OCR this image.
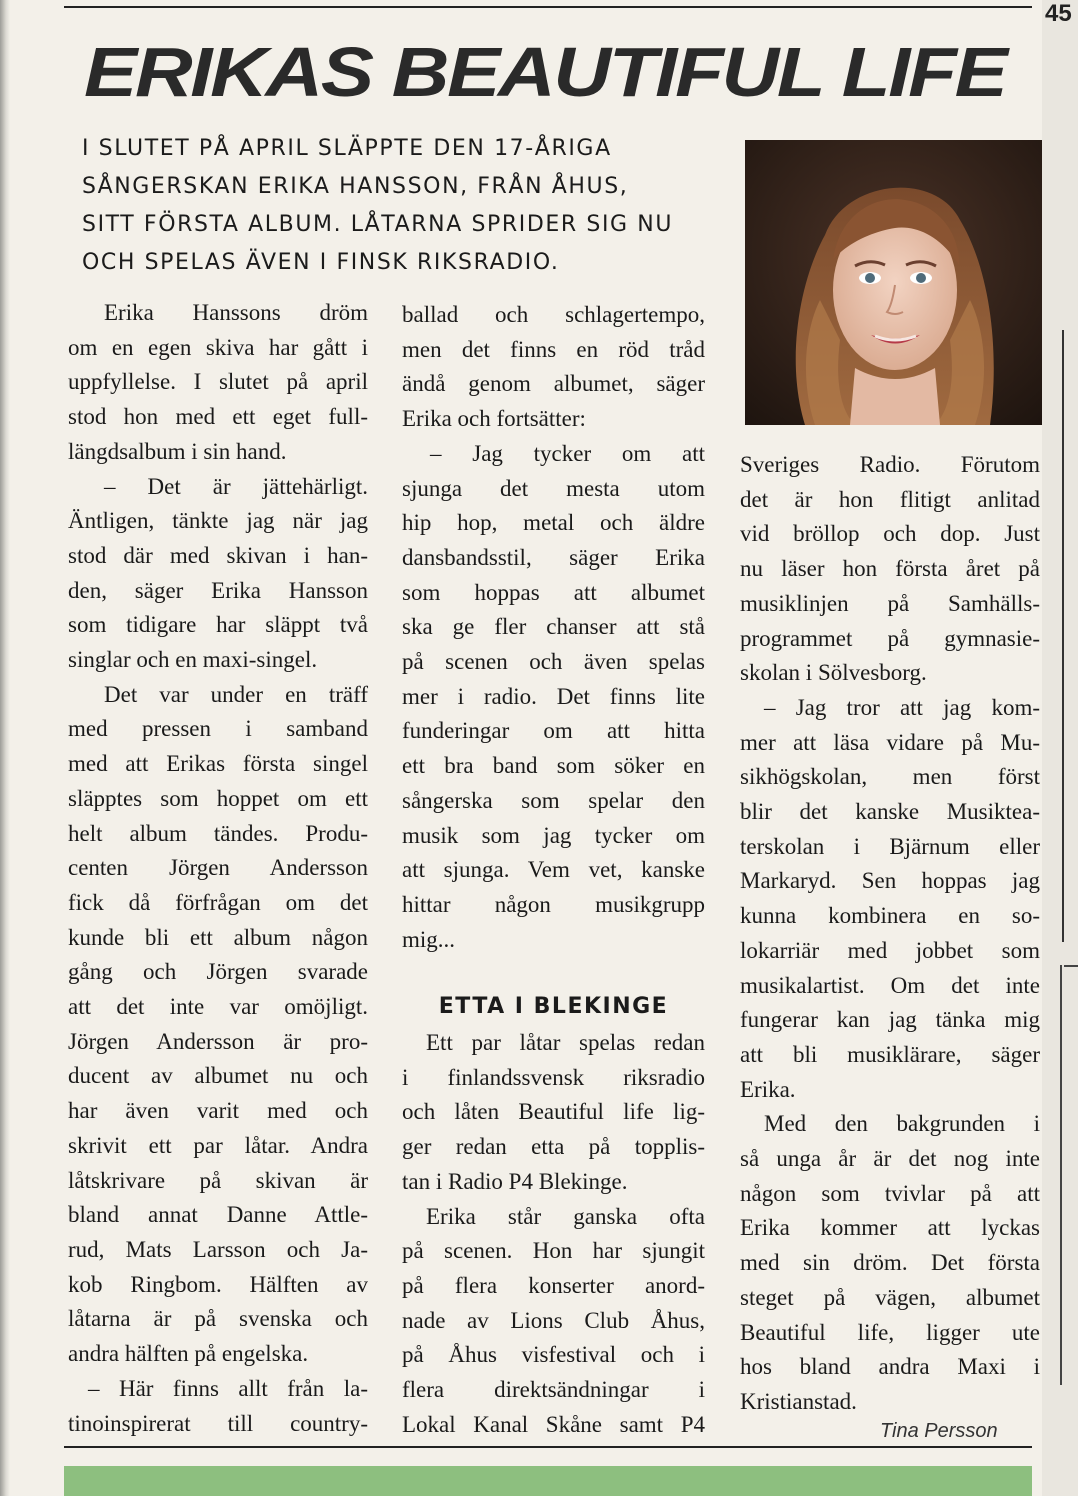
45
ERIKAS BEAUTIFUL LIFE
I SLUTET PÅ APRIL SLÄPPTE DEN 17-ÅRIGA
SÅNGERSKAN ERIKA HANSSON, FRÅN ÅHUS,
SITT FÖRSTA ALBUM. LÅTARNA SPRIDER SIG NU
OCH SPELAS ÄVEN I FINSK RIKSRADIO.
Erika Hanssons dröm
om en egen skiva har gått i
uppfyllelse. I slutet på april
stod hon med ett eget full-
längdsalbum i sin hand.
– Det är jättehärligt.
Äntligen, tänkte jag när jag
stod där med skivan i han-
den, säger Erika Hansson
som tidigare har släppt två
singlar och en maxi-singel.
Det var under en träff
med pressen i samband
med att Erikas första singel
släpptes som hoppet om ett
helt album tändes. Produ-
centen Jörgen Andersson
fick då förfrågan om det
kunde bli ett album någon
gång och Jörgen svarade
att det inte var omöjligt.
Jörgen Andersson är pro-
ducent av albumet nu och
har även varit med och
skrivit ett par låtar. Andra
låtskrivare på skivan är
bland annat Danne Attle-
rud, Mats Larsson och Ja-
kob Ringbom. Hälften av
låtarna är på svenska och
andra hälften på engelska.
– Här finns allt från la-
tinoinspirerat till country-
ballad och schlagertempo,
men det finns en röd tråd
ändå genom albumet, säger
Erika och fortsätter:
– Jag tycker om att
sjunga det mesta utom
hip hop, metal och äldre
dansbandsstil, säger Erika
som hoppas att albumet
ska ge fler chanser att stå
på scenen och även spelas
mer i radio. Det finns lite
funderingar om att hitta
ett bra band som söker en
sångerska som spelar den
musik som jag tycker om
att sjunga. Vem vet, kanske
hittar någon musikgrupp
mig...
ETTA I BLEKINGE
Ett par låtar spelas redan
i finlandssvensk riksradio
och låten Beautiful life lig-
ger redan etta på topplis-
tan i Radio P4 Blekinge.
Erika står ganska ofta
på scenen. Hon har sjungit
på flera konserter anord-
nade av Lions Club Åhus,
på Åhus visfestival och i
flera direktsändningar i
Lokal Kanal Skåne samt P4
Sveriges Radio. Förutom
det är hon flitigt anlitad
vid bröllop och dop. Just
nu läser hon första året på
musiklinjen på Samhälls-
programmet på gymnasie-
skolan i Sölvesborg.
– Jag tror att jag kom-
mer att läsa vidare på Mu-
sikhögskolan, men först
blir det kanske Musiktea-
terskolan i Bjärnum eller
Markaryd. Sen hoppas jag
kunna kombinera en so-
lokarriär med jobbet som
musikalartist. Om det inte
fungerar kan jag tänka mig
att bli musiklärare, säger
Erika.
Med den bakgrunden i
så unga år är det nog inte
någon som tvivlar på att
Erika kommer att lyckas
med sin dröm. Det första
steget på vägen, albumet
Beautiful life, ligger ute
hos bland andra Maxi i
Kristianstad.

Tina Persson
